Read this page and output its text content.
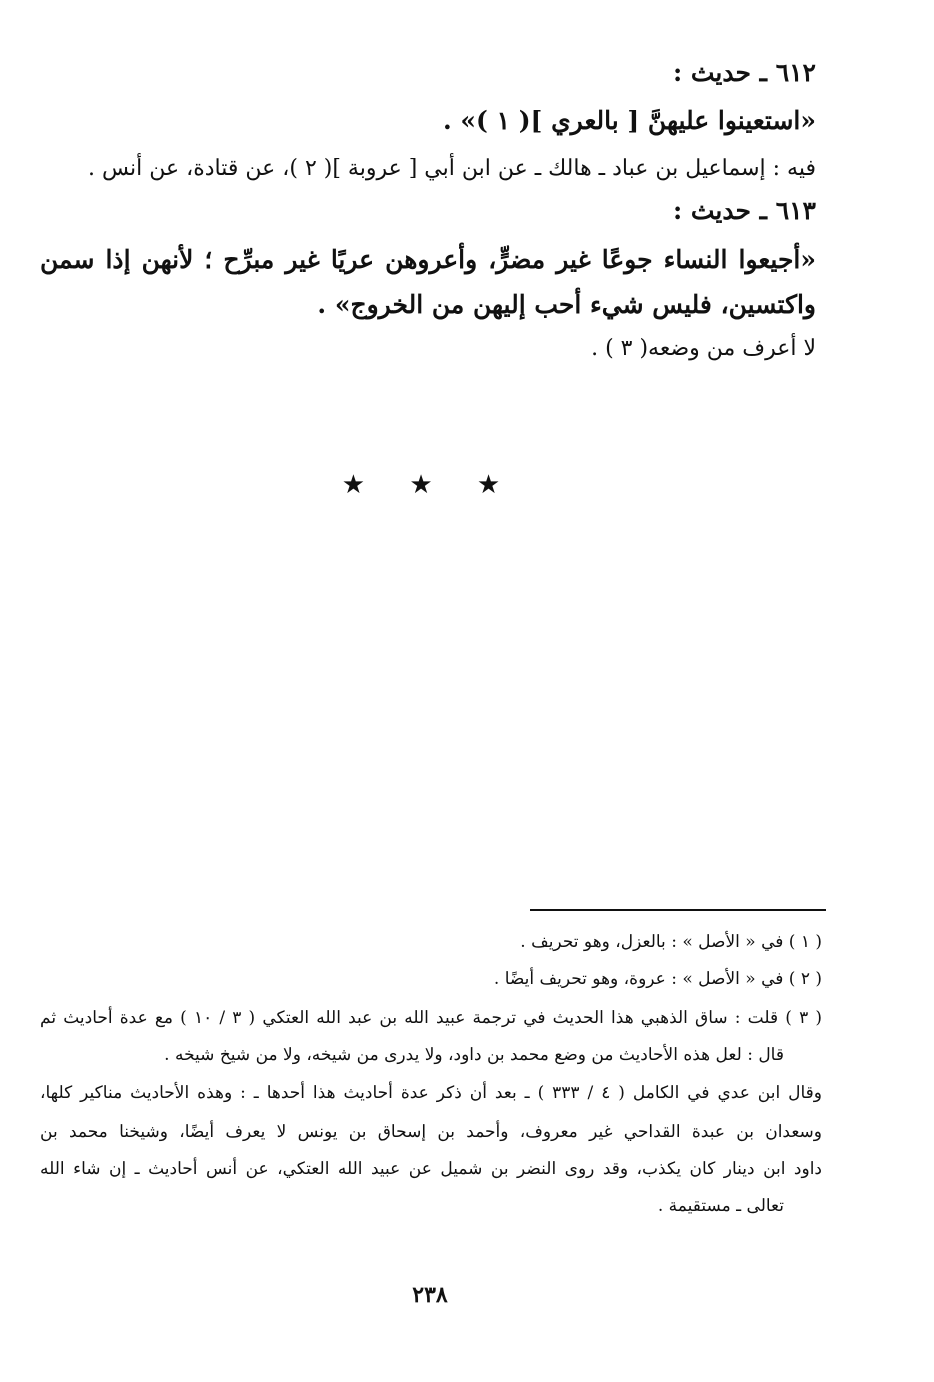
٦١٢ ـ حديث :
«استعينوا عليهنَّ [ بالعري ]( ١ )» .
فيه : إسماعيل بن عباد ـ هالك ـ عن ابن أبي [ عروبة ]( ٢ )، عن قتادة، عن أنس .
٦١٣ ـ حديث :
«أجيعوا النساء جوعًا غير مضرٍّ، وأعروهن عريًا غير مبرِّح ؛ لأنهن إذا سمن
واكتسين، فليس شيء أحب إليهن من الخروج» .
لا أعرف من وضعه( ٣ ) .
★ ★ ★
( ١ ) في « الأصل » : بالعزل، وهو تحريف .
( ٢ ) في « الأصل » : عروة، وهو تحريف أيضًا .
( ٣ ) قلت : ساق الذهبي هذا الحديث في ترجمة عبيد الله بن عبد الله العتكي ( ٣ / ١٠ ) مع عدة أحاديث ثم
قال : لعل هذه الأحاديث من وضع محمد بن داود، ولا يدرى من شيخه، ولا من شيخ شيخه .
وقال ابن عدي في الكامل ( ٤ / ٣٣٣ ) ـ بعد أن ذكر عدة أحاديث هذا أحدها ـ : وهذه الأحاديث مناكير كلها،
وسعدان بن عبدة القداحي غير معروف، وأحمد بن إسحاق بن يونس لا يعرف أيضًا، وشيخنا محمد بن
داود ابن دينار كان يكذب، وقد روى النضر بن شميل عن عبيد الله العتكي، عن أنس أحاديث ـ إن شاء الله
تعالى ـ مستقيمة .
٢٣٨
